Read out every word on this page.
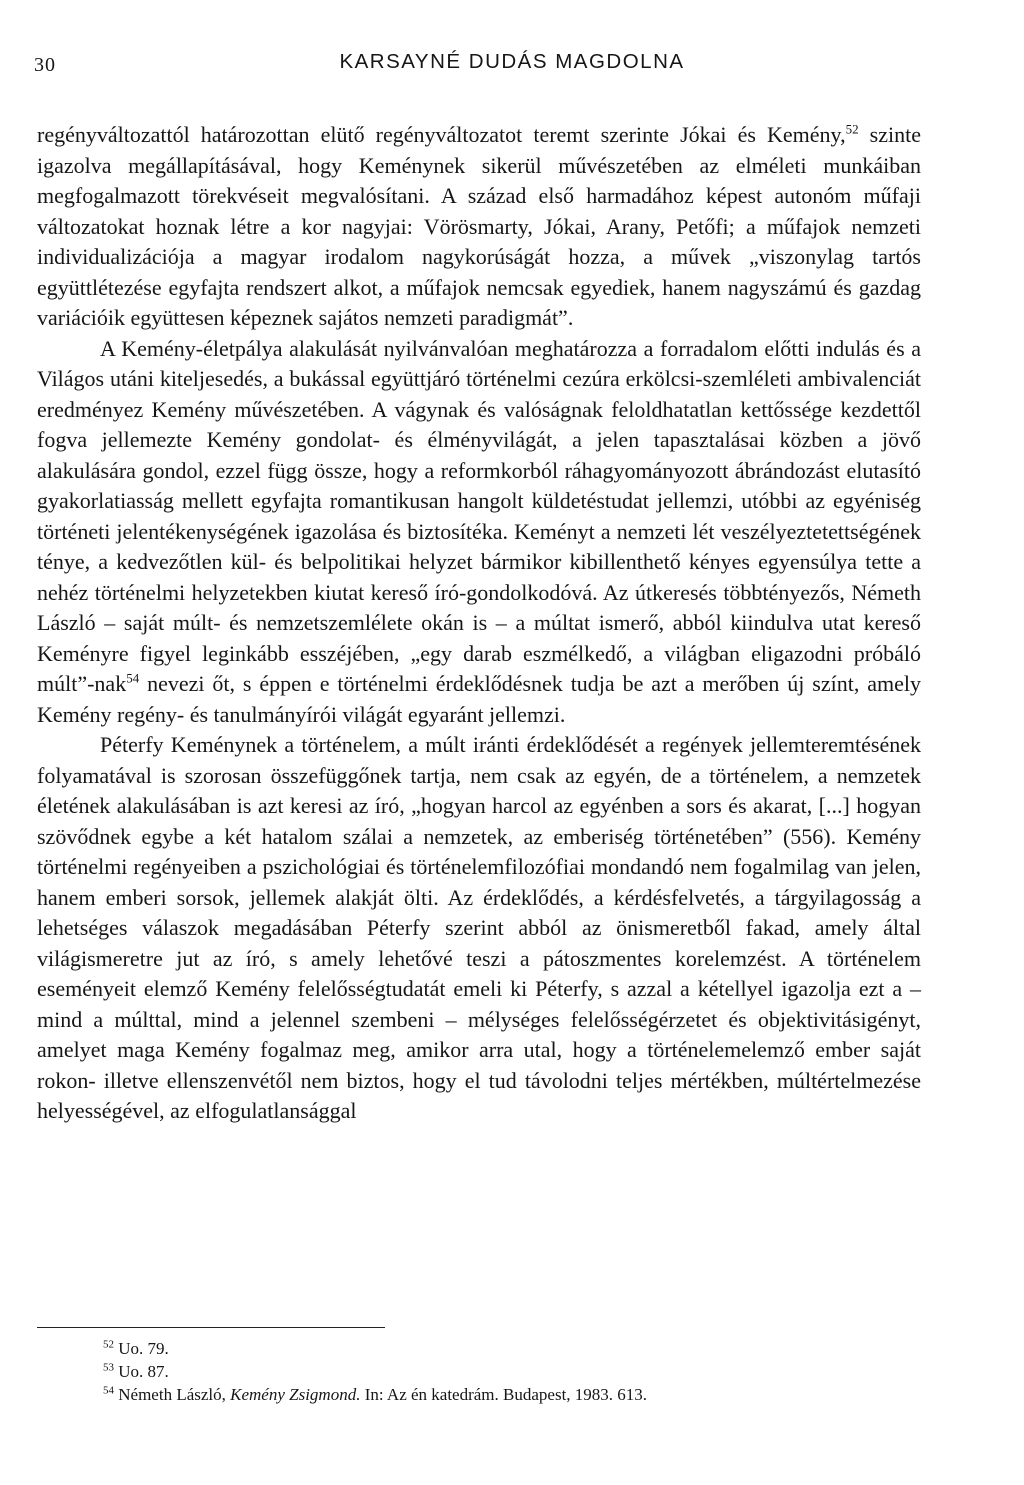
30	KARSAYNÉ DUDÁS MAGDOLNA

regényváltozattól határozottan elütő regényváltozatot teremt szerinte Jókai és Kemény,$^{52}$ szinte igazolva megállapításával, hogy Keménynek sikerül művészetében az elméleti munkáiban megfogalmazott törekvéseit megvalósítani. A század első harmadához képest autonóm műfaji változatokat hoznak létre a kor nagyjai: Vörösmarty, Jókai, Arany, Petőfi; a műfajok nemzeti individualizációja a magyar irodalom nagykorúságát hozza, a művek „viszonylag tartós együttlétezése egyfajta rendszert alkot, a műfajok nemcsak egyediek, hanem nagyszámú és gazdag variációik együttesen képeznek sajátos nemzeti paradigmát”.

A Kemény-életpálya alakulását nyilvánvalóan meghatározza a forradalom előtti indulás és a Világos utáni kiteljesedés, a bukással együttjáró történelmi cezúra erkölcsi-szemléleti ambivalenciát eredményez Kemény művészetében. A vágynak és valóságnak feloldhatatlan kettőssége kezdettől fogva jellemezte Kemény gondolat- és élményvilágát, a jelen tapasztalásai közben a jövő alakulására gondol, ezzel függ össze, hogy a reformkorból ráhagyományozott ábrándozást elutasító gyakorlatiasság mellett egyfajta romantikusan hangolt küldetéstudat jellemzi, utóbbi az egyéniség történeti jelentékenységének igazolása és biztosítéka. Keményt a nemzeti lét veszélyeztetettségének ténye, a kedvezőtlen kül- és belpolitikai helyzet bármikor kibillenthető kényes egyensúlya tette a nehéz történelmi helyzetekben kiutat kereső író-gondolkodóvá. Az útkeresés többtényezős, Németh László – saját múlt- és nemzetszemlélete okán is – a múltat ismerő, abból kiindulva utat kereső Keményre figyel leginkább esszéjében, „egy darab eszmélkedő, a világban eligazodni próbáló múlt”-nak$^{54}$ nevezi őt, s éppen e történelmi érdeklődésnek tudja be azt a merőben új színt, amely Kemény regény- és tanulmányírói világát egyaránt jellemzi.

Péterfy Keménynek a történelem, a múlt iránti érdeklődését a regények jellemteremtésének folyamatával is szorosan összefüggőnek tartja, nem csak az egyén, de a történelem, a nemzetek életének alakulásában is azt keresi az író, „hogyan harcol az egyénben a sors és akarat, [...] hogyan szövődnek egybe a két hatalom szálai a nemzetek, az emberiség történetében” (556). Kemény történelmi regényeiben a pszichológiai és történelemfilozófiai mondandó nem fogalmilag van jelen, hanem emberi sorsok, jellemek alakját ölti. Az érdeklődés, a kérdésfelvetés, a tárgyilagosság a lehetséges válaszok megadásában Péterfy szerint abból az önismeretből fakad, amely által világismeretre jut az író, s amely lehetővé teszi a pátoszmentes korelemzést. A történelem eseményeit elemző Kemény felelősségtudatát emeli ki Péterfy, s azzal a kétellyel igazolja ezt a – mind a múlttal, mind a jelennel szembeni – mélységes felelősségérzetet és objektivitásigényt, amelyet maga Kemény fogalmaz meg, amikor arra utal, hogy a történelemelemző ember saját rokon- illetve ellenszenvétől nem biztos, hogy el tud távolodni teljes mértékben, múltértelmezése helyességével, az elfogulatlansággal

$^{52}$ Uo. 79.

$^{53}$ Uo. 87.

$^{54}$ Németh László, Kemény Zsigmond. In: Az én katedrám. Budapest, 1983. 613.
